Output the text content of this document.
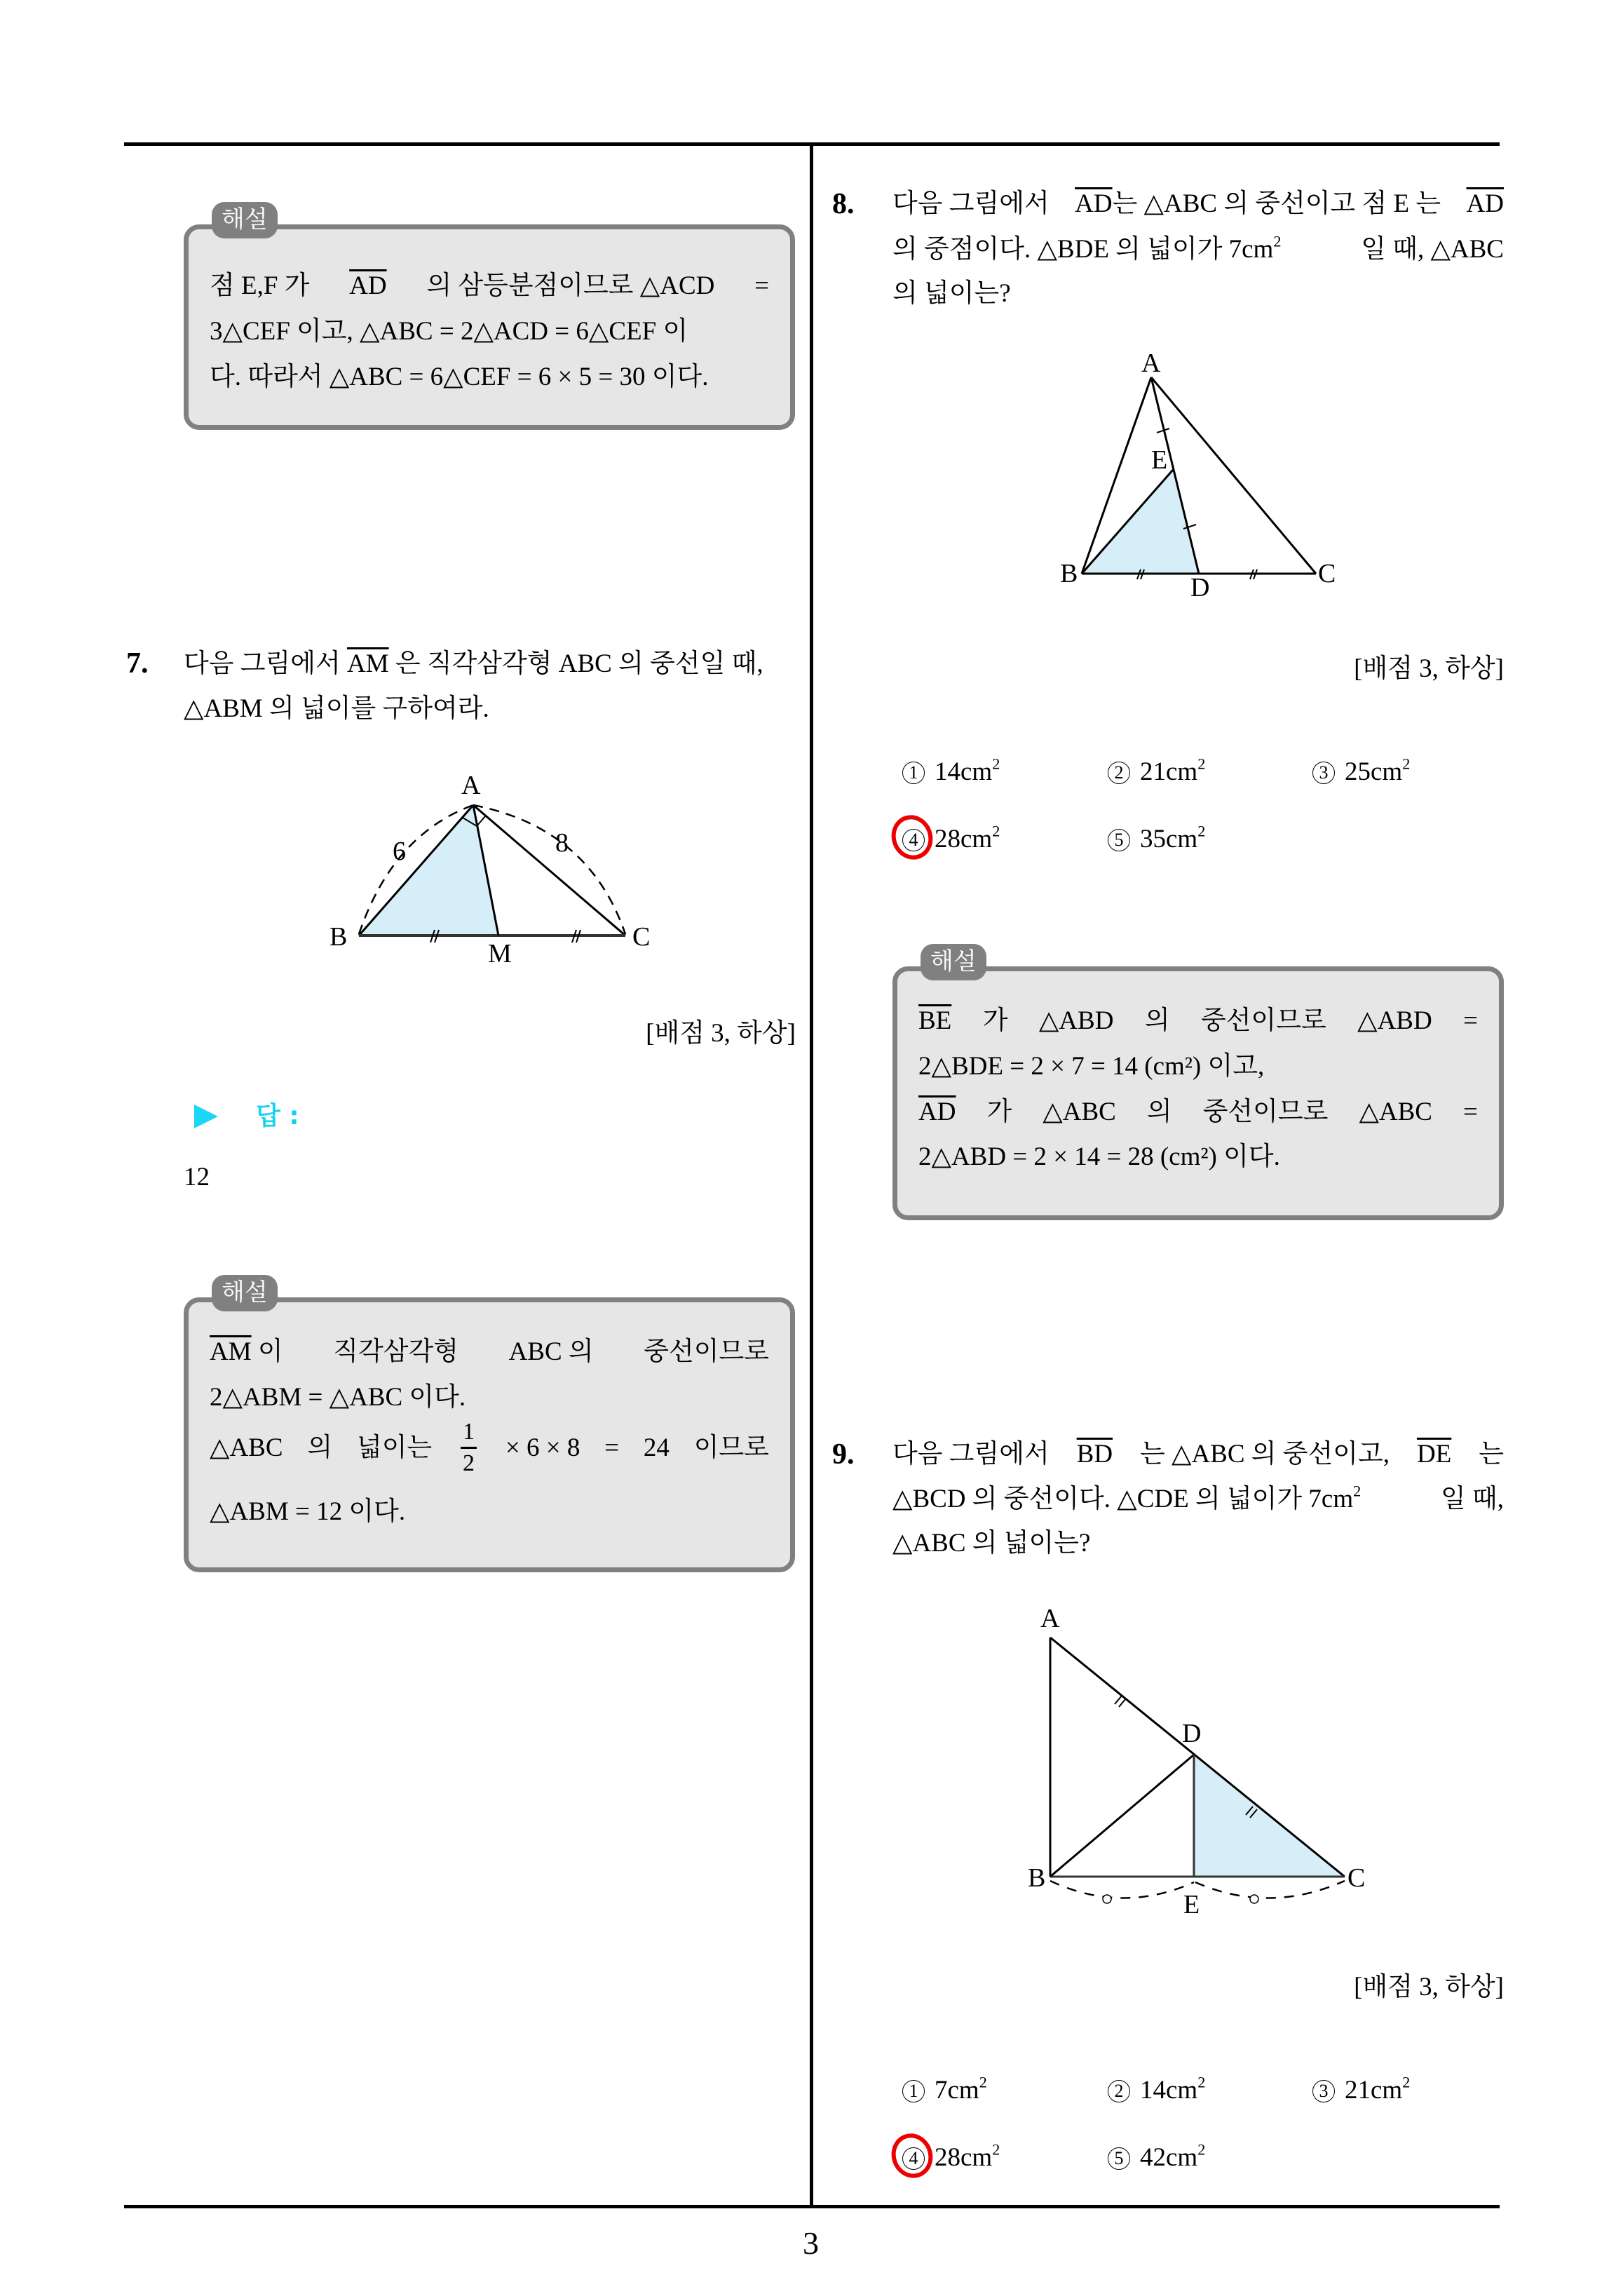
3
점 E,F 가 $\overline{AD}$ 의 삼등분점이므로 △ACD =
3△CEF 이고, △ABC = 2△ACD = 6△CEF 이
다. 따라서 △ABC = 6△CEF = 6 × 5 = 30 이다.
해설
7. 다음 그림에서 $\overline{AM}$ 은 직각삼각형 ABC 의 중선일 때,
△ABM 의 넓이를 구하여라.
A
B	C
M
6	8
[배점 3, 하상]
답 :
12
$\overline{AM}$ 이 직각삼각형 ABC 의 중선이므로
2△ABM = △ABC 이다.
△ABC 의 넓이는 $\frac{1}{2} \times 6 \times 8 = 24$ 이므로
△ABM = 12 이다.
해설
8. 다음 그림에서 $\overline{AD}$는 △ABC 의 중선이고 점 E 는 $\overline{AD}$
의 중점이다. △BDE 의 넓이가 $7cm^2$	일 때, △ABC
의 넓이는?
A
E
B	C
D
[배점 3, 하상]
1 $14cm^2$	2 $21cm^2$	3 $25cm^2$
4 $28cm^2$	5 $35cm^2$
$\overline{BE}$ 가 △ABD 의 중선이므로 △ABD =
2△BDE = 2 × 7 = 14 (cm²) 이고,
$\overline{AD}$ 가 △ABC 의 중선이므로 △ABC =
2△ABD = 2 × 14 = 28 (cm²) 이다.
해설
9. 다음 그림에서 $\overline{BD}$ 는 △ABC 의 중선이고, $\overline{DE}$ 는
△BCD 의 중선이다. △CDE 의 넓이가 $7cm^2$	일 때,
△ABC 의 넓이는?
A
D
B	C
E
[배점 3, 하상]
1 $7cm^2$	2 $14cm^2$	3 $21cm^2$
4 $28cm^2$	5 $42cm^2$
